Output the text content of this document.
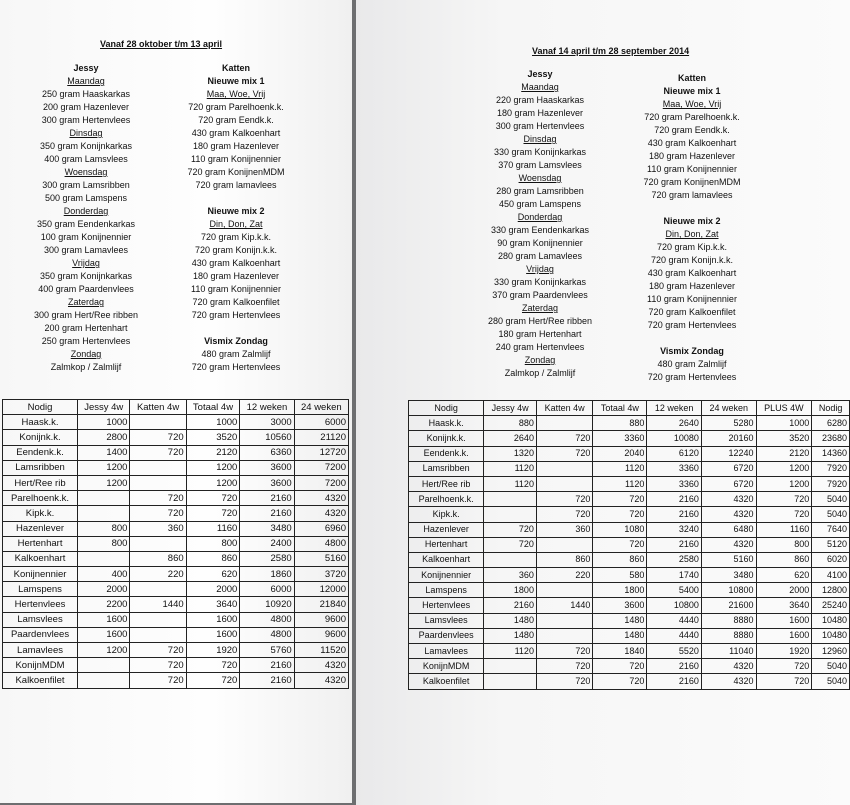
Vanaf 28 oktober t/m 13 april
Jessy
Maandag
250 gram Haaskarkas
200 gram Hazenlever
300 gram Hertenvlees
Dinsdag
350 gram Konijnkarkas
400 gram Lamsvlees
Woensdag
300 gram Lamsribben
500 gram Lamspens
Donderdag
350 gram Eendenkarkas
100 gram Konijnennier
300 gram Lamavlees
Vrijdag
350 gram Konijnkarkas
400 gram Paardenvlees
Zaterdag
300 gram Hert/Ree ribben
200 gram Hertenhart
250 gram Hertenvlees
Zondag
Zalmkop / Zalmlijf
Katten
Nieuwe mix 1
Maa, Woe, Vrij
720 gram Parelhoenk.k.
720 gram Eendk.k.
430 gram Kalkoenhart
180 gram Hazenlever
110 gram Konijnennier
720 gram KonijnenMDM
720 gram lamavlees
Nieuwe mix 2
Din, Don, Zat
720 gram Kip.k.k.
720 gram Konijn.k.k.
430 gram Kalkoenhart
180 gram Hazenlever
110 gram Konijnennier
720 gram Kalkoenfilet
720 gram Hertenvlees
Vismix Zondag
480 gram Zalmlijf
720 gram Hertenvlees
Nodig	Jessy 4w	Katten 4w	Totaal 4w	12 weken	24 weken
Haask.k.	1000		1000	3000	6000
Konijnk.k.	2800	720	3520	10560	21120
Eendenk.k.	1400	720	2120	6360	12720
Lamsribben	1200		1200	3600	7200
Hert/Ree rib	1200		1200	3600	7200
Parelhoenk.k.		720	720	2160	4320
Kipk.k.		720	720	2160	4320
Hazenlever	800	360	1160	3480	6960
Hertenhart	800		800	2400	4800
Kalkoenhart		860	860	2580	5160
Konijnennier	400	220	620	1860	3720
Lamspens	2000		2000	6000	12000
Hertenvlees	2200	1440	3640	10920	21840
Lamsvlees	1600		1600	4800	9600
Paardenvlees	1600		1600	4800	9600
Lamavlees	1200	720	1920	5760	11520
KonijnMDM		720	720	2160	4320
Kalkoenfilet		720	720	2160	4320
Vanaf 14 april t/m 28 september 2014
Jessy
Maandag
220 gram Haaskarkas
180 gram Hazenlever
300 gram Hertenvlees
Dinsdag
330 gram Konijnkarkas
370 gram Lamsvlees
Woensdag
280 gram Lamsribben
450 gram Lamspens
Donderdag
330 gram Eendenkarkas
90 gram Konijnennier
280 gram Lamavlees
Vrijdag
330 gram Konijnkarkas
370 gram Paardenvlees
Zaterdag
280 gram Hert/Ree ribben
180 gram Hertenhart
240 gram Hertenvlees
Zondag
Zalmkop / Zalmlijf
Katten
Nieuwe mix 1
Maa, Woe, Vrij
720 gram Parelhoenk.k.
720 gram Eendk.k.
430 gram Kalkoenhart
180 gram Hazenlever
110 gram Konijnennier
720 gram KonijnenMDM
720 gram lamavlees
Nieuwe mix 2
Din, Don, Zat
720 gram Kip.k.k.
720 gram Konijn.k.k.
430 gram Kalkoenhart
180 gram Hazenlever
110 gram Konijnennier
720 gram Kalkoenfilet
720 gram Hertenvlees
Vismix Zondag
480 gram Zalmlijf
720 gram Hertenvlees
Nodig	Jessy 4w	Katten 4w	Totaal 4w	12 weken	24 weken	PLUS 4W	Nodig
Haask.k.	880		880	2640	5280	1000	6280
Konijnk.k.	2640	720	3360	10080	20160	3520	23680
Eendenk.k.	1320	720	2040	6120	12240	2120	14360
Lamsribben	1120		1120	3360	6720	1200	7920
Hert/Ree rib	1120		1120	3360	6720	1200	7920
Parelhoenk.k.		720	720	2160	4320	720	5040
Kipk.k.		720	720	2160	4320	720	5040
Hazenlever	720	360	1080	3240	6480	1160	7640
Hertenhart	720		720	2160	4320	800	5120
Kalkoenhart		860	860	2580	5160	860	6020
Konijnennier	360	220	580	1740	3480	620	4100
Lamspens	1800		1800	5400	10800	2000	12800
Hertenvlees	2160	1440	3600	10800	21600	3640	25240
Lamsvlees	1480		1480	4440	8880	1600	10480
Paardenvlees	1480		1480	4440	8880	1600	10480
Lamavlees	1120	720	1840	5520	11040	1920	12960
KonijnMDM		720	720	2160	4320	720	5040
Kalkoenfilet		720	720	2160	4320	720	5040
